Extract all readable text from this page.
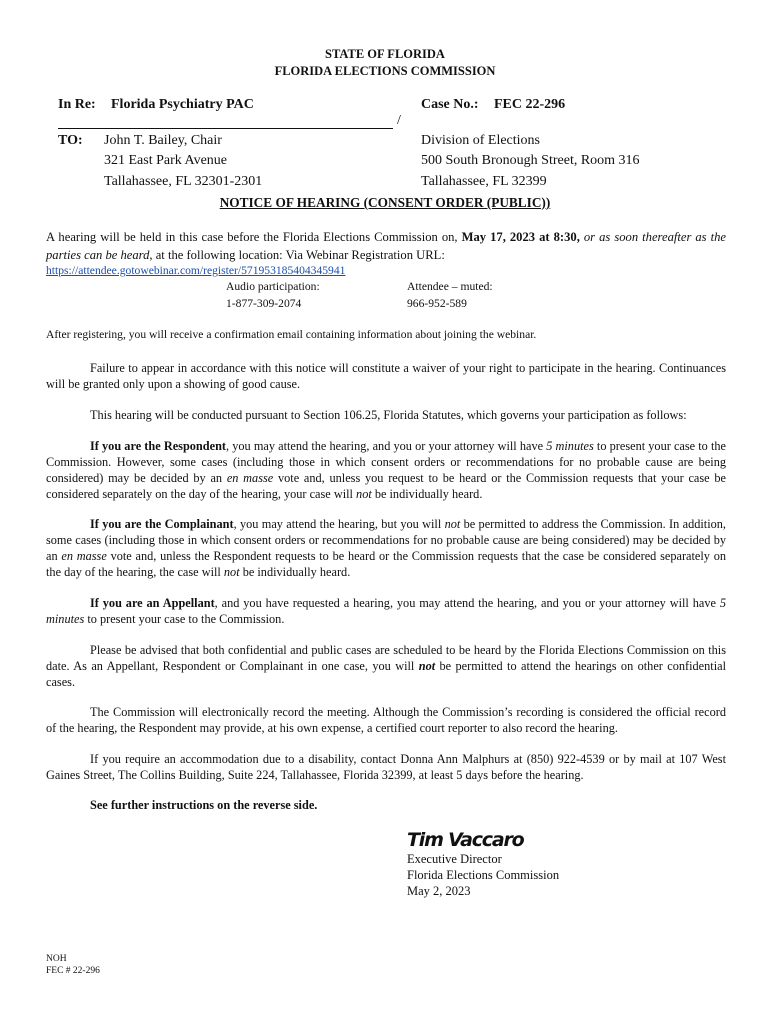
STATE OF FLORIDA
FLORIDA ELECTIONS COMMISSION
In Re: Florida Psychiatry PAC	Case No.: FEC 22-296
/
TO: John T. Bailey, Chair
321 East Park Avenue
Tallahassee, FL 32301-2301
Division of Elections
500 South Bronough Street, Room 316
Tallahassee, FL 32399
NOTICE OF HEARING (CONSENT ORDER (PUBLIC))
A hearing will be held in this case before the Florida Elections Commission on, May 17, 2023 at 8:30, or as soon thereafter as the parties can be heard, at the following location: Via Webinar Registration URL:
https://attendee.gotowebinar.com/register/571953185404345941
Audio participation:
1-877-309-2074
Attendee – muted:
966-952-589
After registering, you will receive a confirmation email containing information about joining the webinar.
Failure to appear in accordance with this notice will constitute a waiver of your right to participate in the hearing. Continuances will be granted only upon a showing of good cause.
This hearing will be conducted pursuant to Section 106.25, Florida Statutes, which governs your participation as follows:
If you are the Respondent, you may attend the hearing, and you or your attorney will have 5 minutes to present your case to the Commission. However, some cases (including those in which consent orders or recommendations for no probable cause are being considered) may be decided by an en masse vote and, unless you request to be heard or the Commission requests that your case be considered separately on the day of the hearing, your case will not be individually heard.
If you are the Complainant, you may attend the hearing, but you will not be permitted to address the Commission. In addition, some cases (including those in which consent orders or recommendations for no probable cause are being considered) may be decided by an en masse vote and, unless the Respondent requests to be heard or the Commission requests that the case be considered separately on the day of the hearing, the case will not be individually heard.
If you are an Appellant, and you have requested a hearing, you may attend the hearing, and you or your attorney will have 5 minutes to present your case to the Commission.
Please be advised that both confidential and public cases are scheduled to be heard by the Florida Elections Commission on this date. As an Appellant, Respondent or Complainant in one case, you will not be permitted to attend the hearings on other confidential cases.
The Commission will electronically record the meeting. Although the Commission’s recording is considered the official record of the hearing, the Respondent may provide, at his own expense, a certified court reporter to also record the hearing.
If you require an accommodation due to a disability, contact Donna Ann Malphurs at (850) 922-4539 or by mail at 107 West Gaines Street, The Collins Building, Suite 224, Tallahassee, Florida 32399, at least 5 days before the hearing.
See further instructions on the reverse side.
Tim Vaccaro
Executive Director
Florida Elections Commission
May 2, 2023
NOH
FEC # 22-296
